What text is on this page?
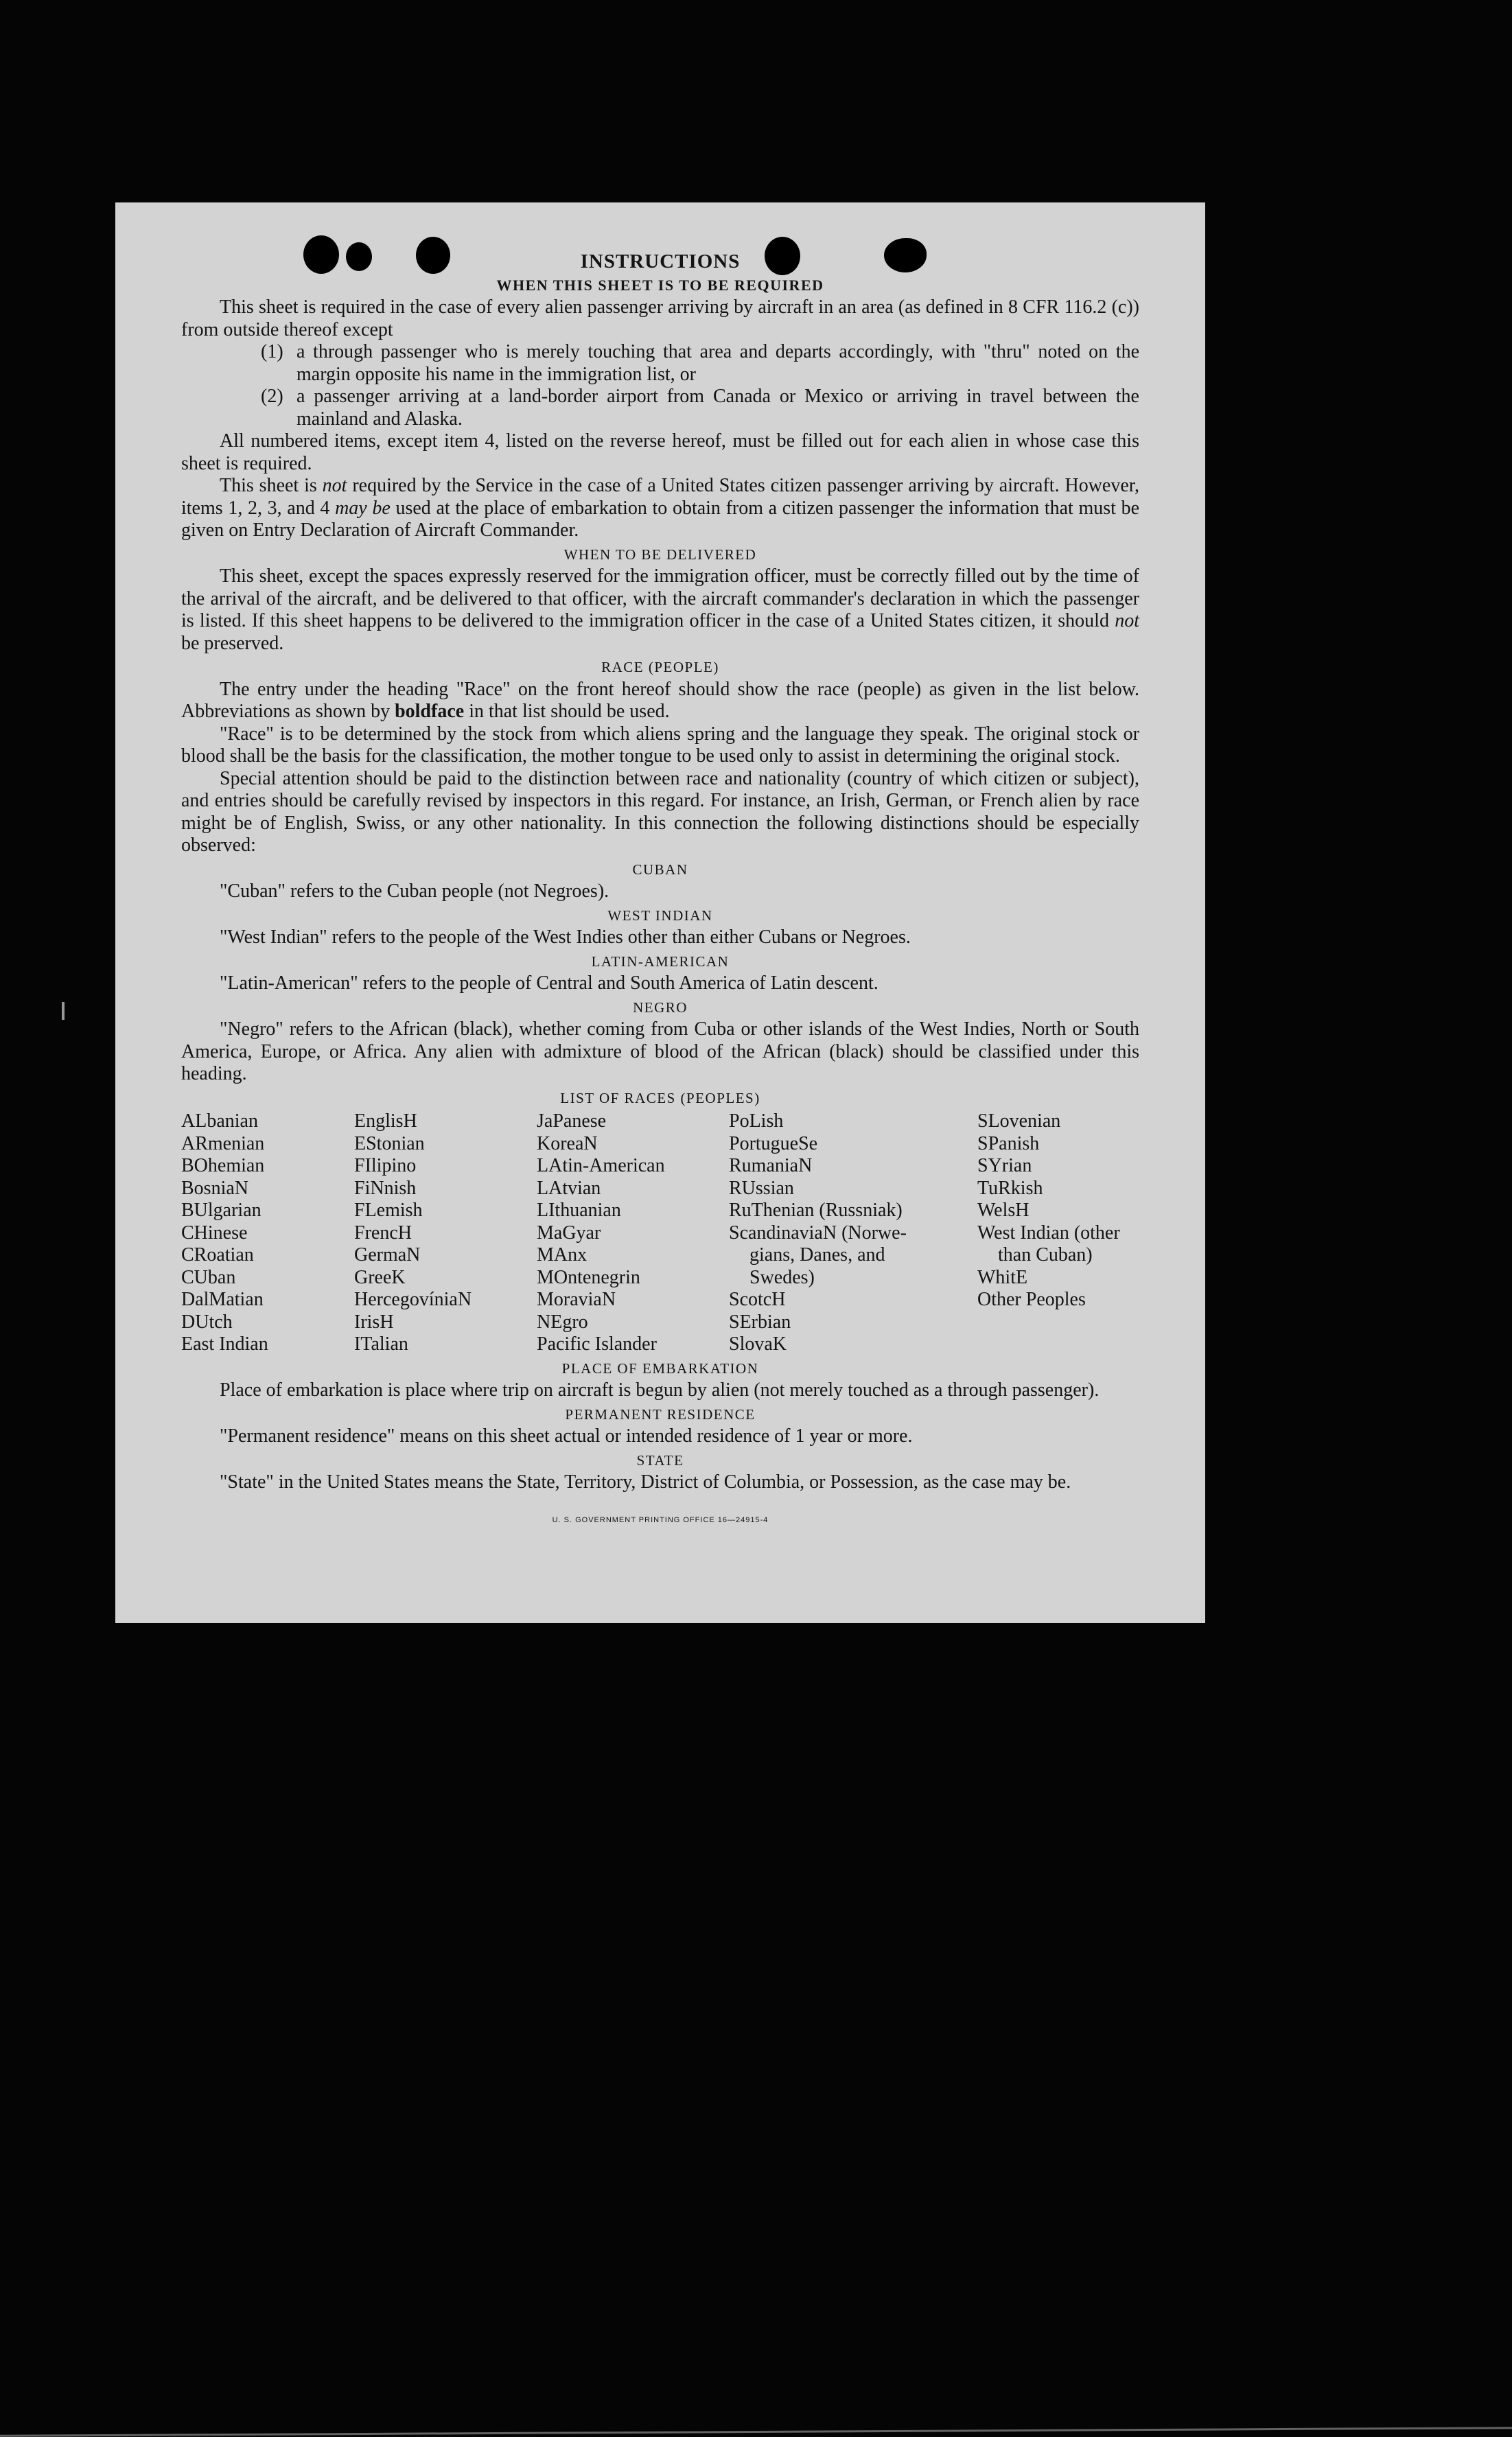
INSTRUCTIONS
WHEN THIS SHEET IS TO BE REQUIRED

This sheet is required in the case of every alien passenger arriving by aircraft in an area (as defined in 8 CFR 116.2 (c)) from outside thereof except

(1) a through passenger who is merely touching that area and departs accordingly, with "thru" noted on the margin opposite his name in the immigration list, or
(2) a passenger arriving at a land-border airport from Canada or Mexico or arriving in travel between the mainland and Alaska.

All numbered items, except item 4, listed on the reverse hereof, must be filled out for each alien in whose case this sheet is required.

This sheet is not required by the Service in the case of a United States citizen passenger arriving by aircraft. However, items 1, 2, 3, and 4 may be used at the place of embarkation to obtain from a citizen passenger the information that must be given on Entry Declaration of Aircraft Commander.

WHEN TO BE DELIVERED

This sheet, except the spaces expressly reserved for the immigration officer, must be correctly filled out by the time of the arrival of the aircraft, and be delivered to that officer, with the aircraft commander's declaration in which the passenger is listed. If this sheet happens to be delivered to the immigration officer in the case of a United States citizen, it should not be preserved.

RACE (PEOPLE)

The entry under the heading "Race" on the front hereof should show the race (people) as given in the list below. Abbreviations as shown by boldface in that list should be used.

"Race" is to be determined by the stock from which aliens spring and the language they speak. The original stock or blood shall be the basis for the classification, the mother tongue to be used only to assist in determining the original stock.

Special attention should be paid to the distinction between race and nationality (country of which citizen or subject), and entries should be carefully revised by inspectors in this regard. For instance, an Irish, German, or French alien by race might be of English, Swiss, or any other nationality. In this connection the following distinctions should be especially observed:

CUBAN

"Cuban" refers to the Cuban people (not Negroes).

WEST INDIAN

"West Indian" refers to the people of the West Indies other than either Cubans or Negroes.

LATIN-AMERICAN

"Latin-American" refers to the people of Central and South America of Latin descent.

NEGRO

"Negro" refers to the African (black), whether coming from Cuba or other islands of the West Indies, North or South America, Europe, or Africa. Any alien with admixture of blood of the African (black) should be classified under this heading.

LIST OF RACES (PEOPLES)
ALbanian
ARmenian
BOhemian
BosniaN
BUlgarian
CHinese
CRoatian
CUban
DalMatian
DUtch
East Indian
EnglisH
EStonian
FIlipino
FiNnish
FLemish
FrencH
GermaN
GreeK
HercegovíniaN
IrisH
ITalian
JaPanese
KoreaN
LAtin-American
LAtvian
LIthuanian
MaGyar
MAnx
MOntenegrin
MoraviaN
NEgro
Pacific Islander
PoLish
PortugueSe
RumaniaN
RUssian
RuThenian (Russniak)
ScandinaviaN (Norwe-
gians, Danes, and
Swedes)
ScotcH
SErbian
SlovaK
SLovenian
SPanish
SYrian
TuRkish
WelsH
West Indian (other
than Cuban)
WhitE
Other Peoples
PLACE OF EMBARKATION

Place of embarkation is place where trip on aircraft is begun by alien (not merely touched as a through passenger).

PERMANENT RESIDENCE

"Permanent residence" means on this sheet actual or intended residence of 1 year or more.

STATE

"State" in the United States means the State, Territory, District of Columbia, or Possession, as the case may be.

U. S. GOVERNMENT PRINTING OFFICE 16—24915-4
